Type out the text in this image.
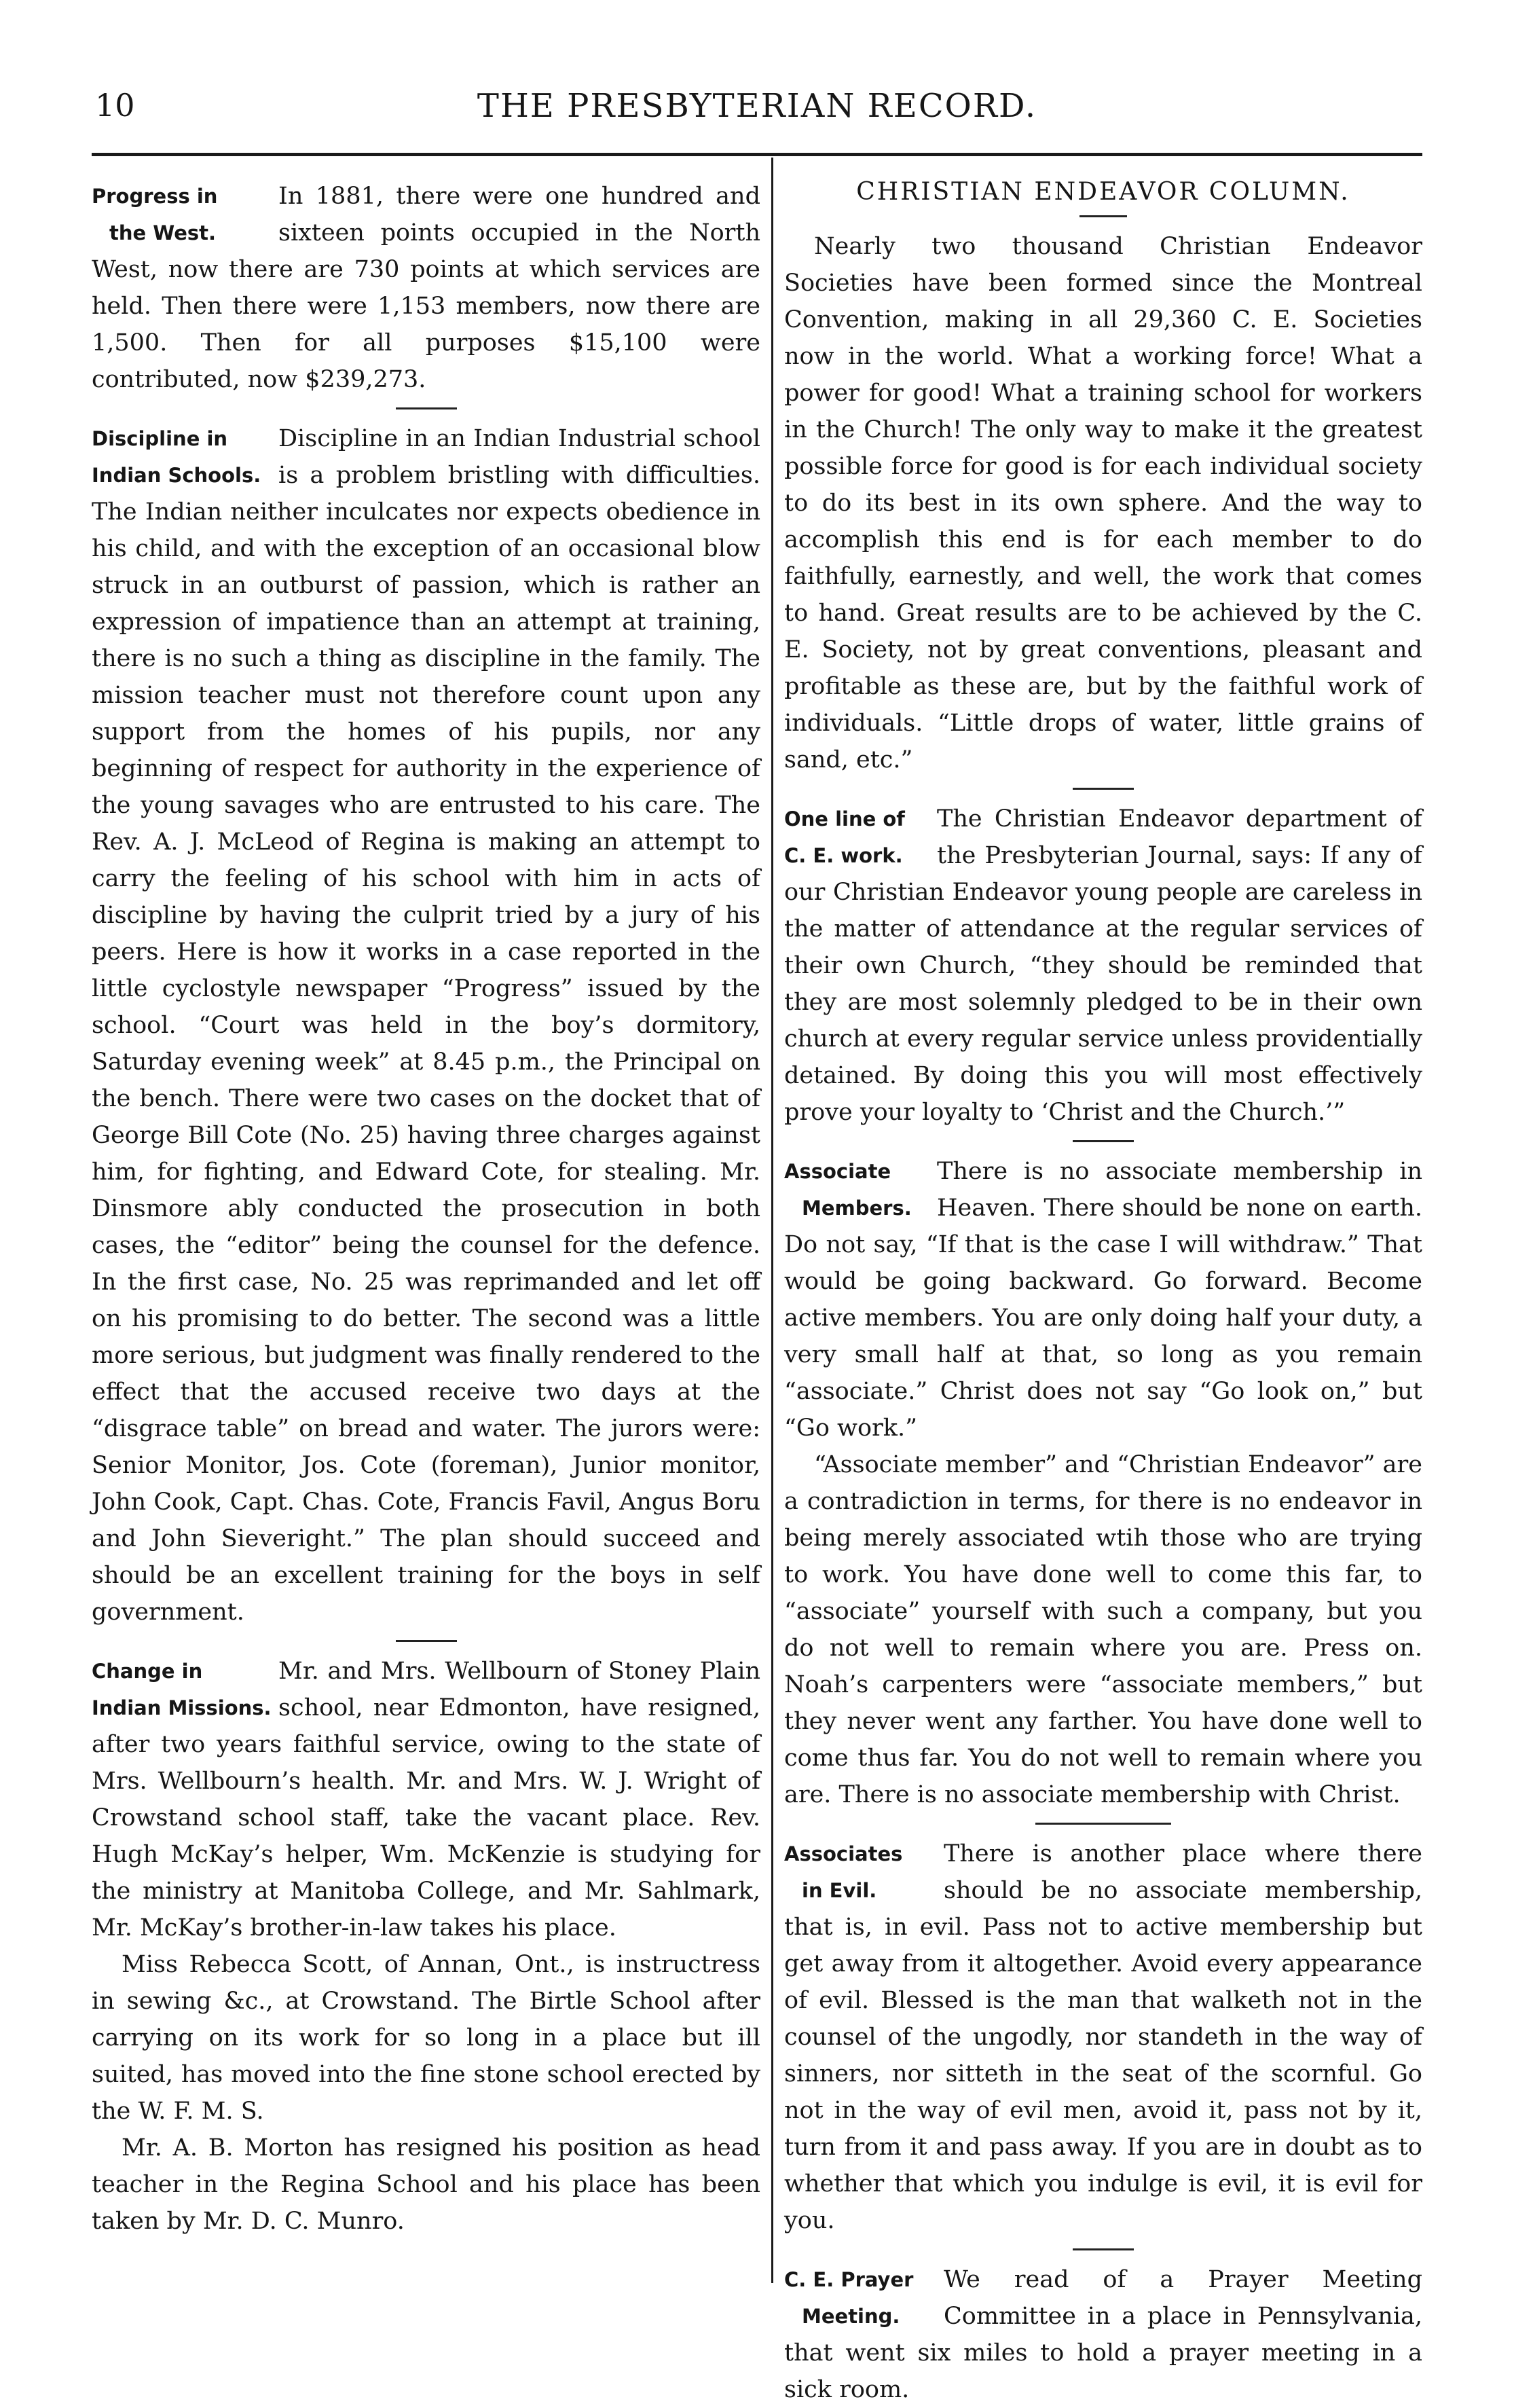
10	THE PRESBYTERIAN RECORD.
Progress in
the West.

In 1881, there were one hundred and sixteen points occupied in the North West, now there are 730 points at which services are held. Then there were 1,153 members, now there are 1,500. Then for all purposes $15,100 were contributed, now $239,273.

Discipline in
Indian Schools.

Discipline in an Indian Industrial school is a problem bristling with difficulties. The Indian neither inculcates nor expects obedience in his child, and with the exception of an occasional blow struck in an outburst of passion, which is rather an expression of impatience than an attempt at training, there is no such a thing as discipline in the family. The mission teacher must not therefore count upon any support from the homes of his pupils, nor any beginning of respect for authority in the experience of the young savages who are entrusted to his care. The Rev. A. J. McLeod of Regina is making an attempt to carry the feeling of his school with him in acts of discipline by having the culprit tried by a jury of his peers. Here is how it works in a case reported in the little cyclostyle newspaper “Progress” issued by the school. “Court was held in the boy’s dormitory, Saturday evening week” at 8.45 p.m., the Principal on the bench. There were two cases on the docket that of George Bill Cote (No. 25) having three charges against him, for fighting, and Edward Cote, for stealing. Mr. Dinsmore ably conducted the prosecution in both cases, the “editor” being the counsel for the defence. In the first case, No. 25 was reprimanded and let off on his promising to do better. The second was a little more serious, but judgment was finally rendered to the effect that the accused receive two days at the “disgrace table” on bread and water. The jurors were: Senior Monitor, Jos. Cote (foreman), Junior monitor, John Cook, Capt. Chas. Cote, Francis Favil, Angus Boru and John Sieveright.” The plan should succeed and should be an excellent training for the boys in self government.

Change in
Indian Missions.

Mr. and Mrs. Wellbourn of Stoney Plain school, near Edmonton, have resigned, after two years faithful service, owing to the state of Mrs. Wellbourn’s health. Mr. and Mrs. W. J. Wright of Crowstand school staff, take the vacant place. Rev. Hugh McKay’s helper, Wm. McKenzie is studying for the ministry at Manitoba College, and Mr. Sahlmark, Mr. McKay’s brother-in-law takes his place.

Miss Rebecca Scott, of Annan, Ont., is instructress in sewing &c., at Crowstand. The Birtle School after carrying on its work for so long in a place but ill suited, has moved into the fine stone school erected by the W. F. M. S.

Mr. A. B. Morton has resigned his position as head teacher in the Regina School and his place has been taken by Mr. D. C. Munro.

CHRISTIAN ENDEAVOR COLUMN.

Nearly two thousand Christian Endeavor Societies have been formed since the Montreal Convention, making in all 29,360 C. E. Societies now in the world. What a working force! What a power for good! What a training school for workers in the Church! The only way to make it the greatest possible force for good is for each individual society to do its best in its own sphere. And the way to accomplish this end is for each member to do faithfully, earnestly, and well, the work that comes to hand. Great results are to be achieved by the C. E. Society, not by great conventions, pleasant and profitable as these are, but by the faithful work of individuals. “Little drops of water, little grains of sand, etc.”

One line of
C. E. work.

The Christian Endeavor department of the Presbyterian Journal, says: If any of our Christian Endeavor young people are careless in the matter of attendance at the regular services of their own Church, “they should be reminded that they are most solemnly pledged to be in their own church at every regular service unless providentially detained. By doing this you will most effectively prove your loyalty to ‘Christ and the Church.’”

Associate
Members.

There is no associate membership in Heaven. There should be none on earth. Do not say, “If that is the case I will withdraw.” That would be going backward. Go forward. Become active members. You are only doing half your duty, a very small half at that, so long as you remain “associate.” Christ does not say “Go look on,” but “Go work.”

“Associate member” and “Christian Endeavor” are a contradiction in terms, for there is no endeavor in being merely associated wtih those who are trying to work. You have done well to come this far, to “associate” yourself with such a company, but you do not well to remain where you are. Press on. Noah’s carpenters were “associate members,” but they never went any farther. You have done well to come thus far. You do not well to remain where you are. There is no associate membership with Christ.

Associates
in Evil.

There is another place where there should be no associate membership, that is, in evil. Pass not to active membership but get away from it altogether. Avoid every appearance of evil. Blessed is the man that walketh not in the counsel of the ungodly, nor standeth in the way of sinners, nor sitteth in the seat of the scornful. Go not in the way of evil men, avoid it, pass not by it, turn from it and pass away. If you are in doubt as to whether that which you indulge is evil, it is evil for you.

C. E. Prayer
Meeting.

We read of a Prayer Meeting Committee in a place in Pennsylvania, that went six miles to hold a prayer meeting in a sick room.
